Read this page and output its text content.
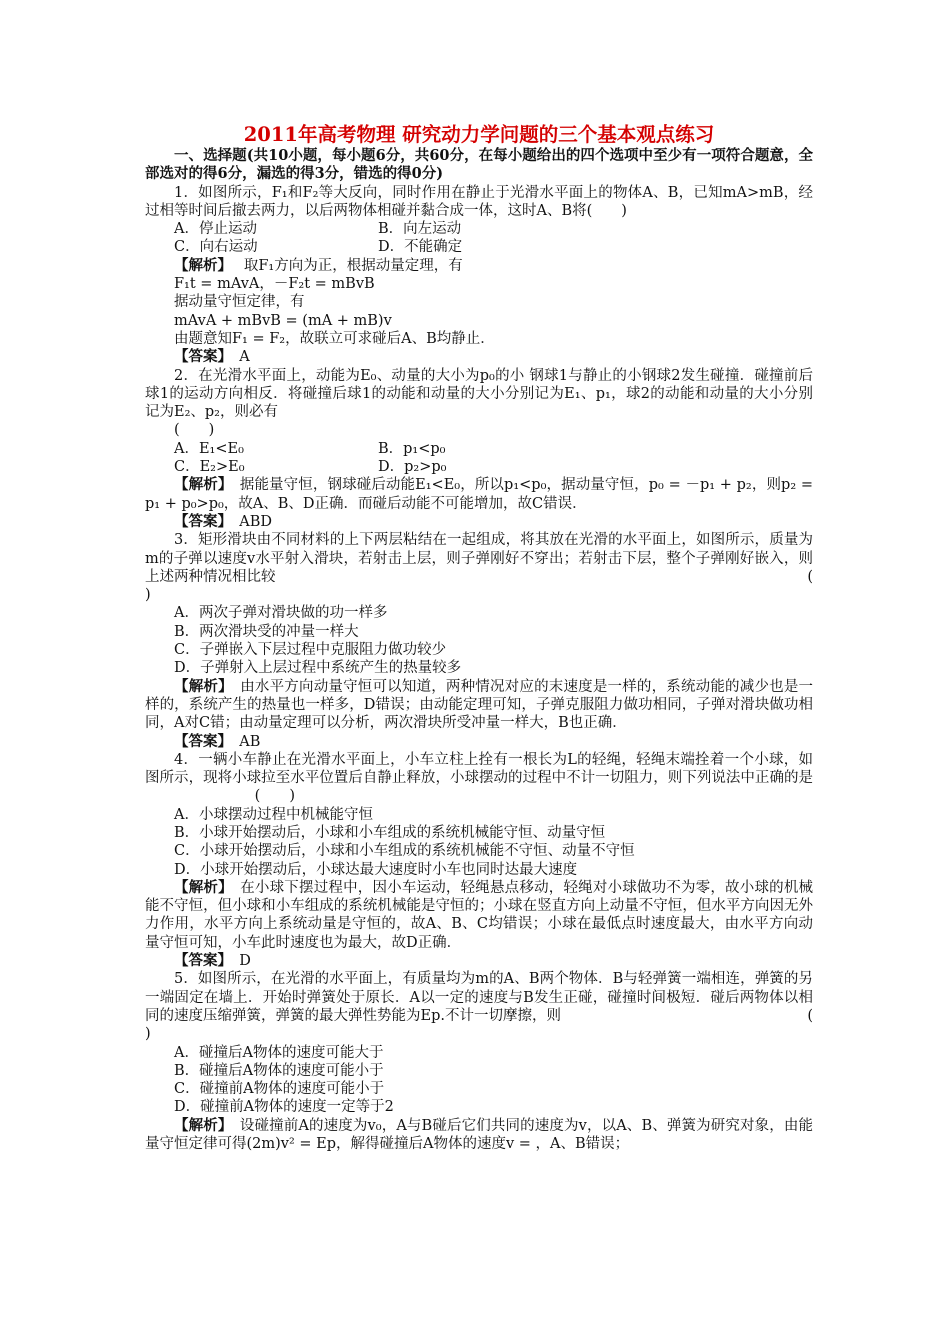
2011年高考物理 研究动力学问题的三个基本观点练习
一、选择题(共10小题，每小题6分，共60分，在每小题给出的四个选项中至少有一项符合题意，全部选对的得6分，漏选的得3分，错选的得0分)
1．如图所示，F₁和F₂等大反向，同时作用在静止于光滑水平面上的物体A、B，已知mA>mB，经过相等时间后撤去两力，以后两物体相碰并黏合成一体，这时A、B将(　　)
A．停止运动	B．向左运动
C．向右运动	D．不能确定
【解析】　 取F₁方向为正，根据动量定理，有
F₁t = mAvA，－F₂t = mBvB
据动量守恒定律，有
mAvA + mBvB = (mA + mB)v
由题意知F₁ = F₂，故联立可求碰后A、B均静止．
【答案】　 A
2．在光滑水平面上，动能为E₀、动量的大小为p₀的小 钢球1与静止的小钢球2发生碰撞．碰撞前后球1的运动方向相反．将碰撞后球1的动能和动量的大小分别记为E₁、p₁，球2的动能和动量的大小分别记为E₂、p₂，则必有
(　　)
A．E₁<E₀	B．p₁<p₀
C．E₂>E₀	D．p₂>p₀
【解析】　 据能量守恒，钢球碰后动能E₁<E₀，所以p₁<p₀，据动量守恒，p₀ = －p₁ + p₂，则p₂ = p₁ + p₀>p₀，故A、B、D正确．而碰后动能不可能增加，故C错误．
【答案】　 ABD
3．矩形滑块由不同材料的上下两层粘结在一起组成，将其放在光滑的水平面上，如图所示，质量为m的子弹以速度v水平射入滑块，若射击上层，则子弹刚好不穿出；若射击下层，整个子弹刚好嵌入，则上述两种情况相比较	(
)
A．两次子弹对滑块做的功一样多
B．两次滑块受的冲量一样大
C．子弹嵌入下层过程中克服阻力做功较少
D．子弹射入上层过程中系统产生的热量较多
【解析】　 由水平方向动量守恒可以知道，两种情况对应的末速度是一样的，系统动能的减少也是一样的，系统产生的热量也一样多，D错误；由动能定理可知，子弹克服阻力做功相同，子弹对滑块做功相同，A对C错；由动量定理可以分析，两次滑块所受冲量一样大，B也正确．
【答案】　 AB
4．一辆小车静止在光滑水平面上，小车立柱上拴有一根长为L的轻绳，轻绳末端拴着一个小球，如图所示，现将小球拉至水平位置后自静止释放，小球摆动的过程中不计一切阻力，则下列说法中正确的是(　　)
A．小球摆动过程中机械能守恒
B．小球开始摆动后，小球和小车组成的系统机械能守恒、动量守恒
C．小球开始摆动后，小球和小车组成的系统机械能不守恒、动量不守恒
D．小球开始摆动后，小球达最大速度时小车也同时达最大速度
【解析】　 在小球下摆过程中，因小车运动，轻绳悬点移动，轻绳对小球做功不为零，故小球的机械能不守恒，但小球和小车组成的系统机械能是守恒的；小球在竖直方向上动量不守恒，但水平方向因无外力作用，水平方向上系统动量是守恒的，故A、B、C均错误；小球在最低点时速度最大，由水平方向动量守恒可知，小车此时速度也为最大，故D正确．
【答案】　 D
5．如图所示，在光滑的水平面上，有质量均为m的A、B两个物体．B与轻弹簧一端相连，弹簧的另一端固定在墙上．开始时弹簧处于原长．A以一定的速度与B发生正碰，碰撞时间极短．碰后两物体以相同的速度压缩弹簧，弹簧的最大弹性势能为Ep.不计一切摩擦，则	(
)
A．碰撞后A物体的速度可能大于
B．碰撞后A物体的速度可能小于
C．碰撞前A物体的速度可能小于
D．碰撞前A物体的速度一定等于2
【解析】　 设碰撞前A的速度为v₀，A与B碰后它们共同的速度为v，以A、B、弹簧为研究对象，由能量守恒定律可得(2m)v² = Ep，解得碰撞后A物体的速度v = ，A、B错误；
